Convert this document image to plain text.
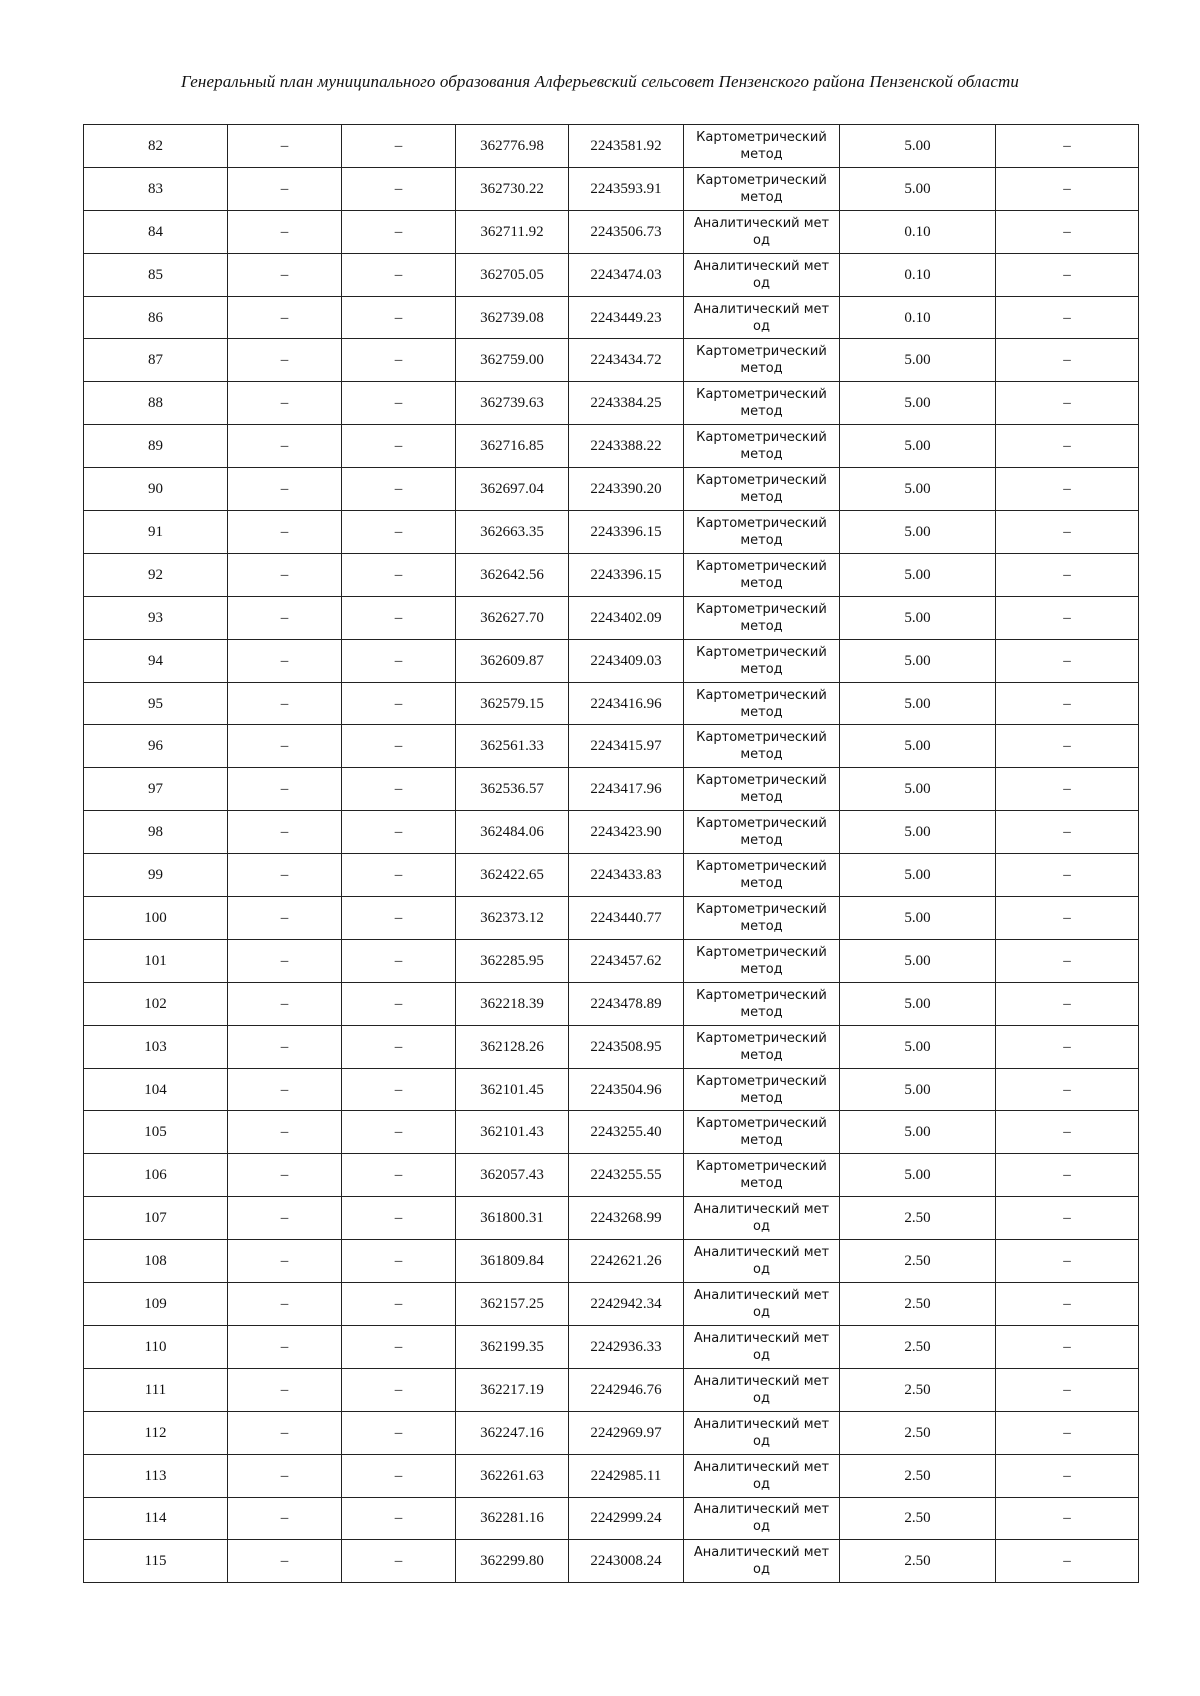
Генеральный план муниципального образования Алферьевский сельсовет Пензенского района Пензенской области
82	–	–	362776.98	2243581.92	Картометрический метод	5.00	–
83	–	–	362730.22	2243593.91	Картометрический метод	5.00	–
84	–	–	362711.92	2243506.73	Аналитический метод	0.10	–
85	–	–	362705.05	2243474.03	Аналитический метод	0.10	–
86	–	–	362739.08	2243449.23	Аналитический метод	0.10	–
87	–	–	362759.00	2243434.72	Картометрический метод	5.00	–
88	–	–	362739.63	2243384.25	Картометрический метод	5.00	–
89	–	–	362716.85	2243388.22	Картометрический метод	5.00	–
90	–	–	362697.04	2243390.20	Картометрический метод	5.00	–
91	–	–	362663.35	2243396.15	Картометрический метод	5.00	–
92	–	–	362642.56	2243396.15	Картометрический метод	5.00	–
93	–	–	362627.70	2243402.09	Картометрический метод	5.00	–
94	–	–	362609.87	2243409.03	Картометрический метод	5.00	–
95	–	–	362579.15	2243416.96	Картометрический метод	5.00	–
96	–	–	362561.33	2243415.97	Картометрический метод	5.00	–
97	–	–	362536.57	2243417.96	Картометрический метод	5.00	–
98	–	–	362484.06	2243423.90	Картометрический метод	5.00	–
99	–	–	362422.65	2243433.83	Картометрический метод	5.00	–
100	–	–	362373.12	2243440.77	Картометрический метод	5.00	–
101	–	–	362285.95	2243457.62	Картометрический метод	5.00	–
102	–	–	362218.39	2243478.89	Картометрический метод	5.00	–
103	–	–	362128.26	2243508.95	Картометрический метод	5.00	–
104	–	–	362101.45	2243504.96	Картометрический метод	5.00	–
105	–	–	362101.43	2243255.40	Картометрический метод	5.00	–
106	–	–	362057.43	2243255.55	Картометрический метод	5.00	–
107	–	–	361800.31	2243268.99	Аналитический метод	2.50	–
108	–	–	361809.84	2242621.26	Аналитический метод	2.50	–
109	–	–	362157.25	2242942.34	Аналитический метод	2.50	–
110	–	–	362199.35	2242936.33	Аналитический метод	2.50	–
111	–	–	362217.19	2242946.76	Аналитический метод	2.50	–
112	–	–	362247.16	2242969.97	Аналитический метод	2.50	–
113	–	–	362261.63	2242985.11	Аналитический метод	2.50	–
114	–	–	362281.16	2242999.24	Аналитический метод	2.50	–
115	–	–	362299.80	2243008.24	Аналитический метод	2.50	–
